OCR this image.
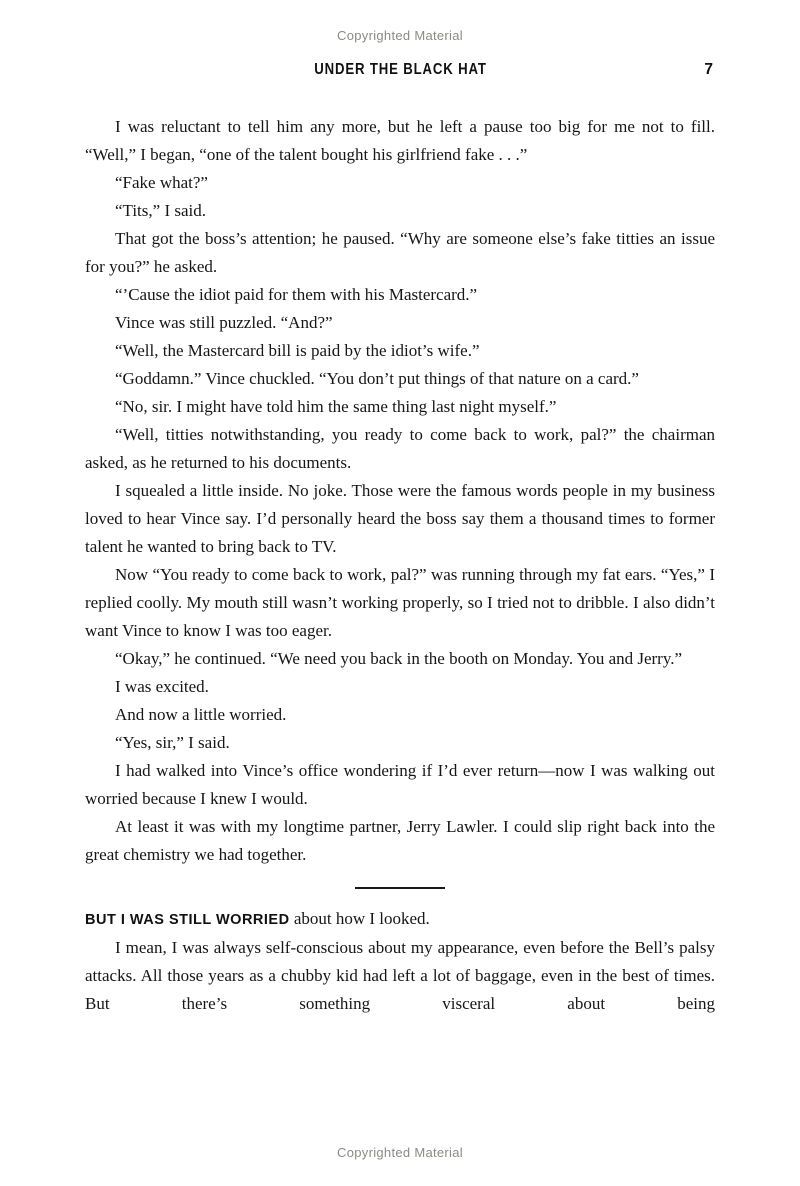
Copyrighted Material
UNDER THE BLACK HAT	7

I was reluctant to tell him any more, but he left a pause too big for me not to fill. “Well,” I began, “one of the talent bought his girlfriend fake . . .”

“Fake what?”

“Tits,” I said.

That got the boss’s attention; he paused. “Why are someone else’s fake titties an issue for you?” he asked.

“’Cause the idiot paid for them with his Mastercard.”

Vince was still puzzled. “And?”

“Well, the Mastercard bill is paid by the idiot’s wife.”

“Goddamn.” Vince chuckled. “You don’t put things of that nature on a card.”

“No, sir. I might have told him the same thing last night myself.”

“Well, titties notwithstanding, you ready to come back to work, pal?” the chairman asked, as he returned to his documents.

I squealed a little inside. No joke. Those were the famous words people in my business loved to hear Vince say. I’d personally heard the boss say them a thousand times to former talent he wanted to bring back to TV.

Now “You ready to come back to work, pal?” was running through my fat ears. “Yes,” I replied coolly. My mouth still wasn’t working properly, so I tried not to dribble. I also didn’t want Vince to know I was too eager.

“Okay,” he continued. “We need you back in the booth on Monday. You and Jerry.”

I was excited.

And now a little worried.

“Yes, sir,” I said.

I had walked into Vince’s office wondering if I’d ever return—now I was walking out worried because I knew I would.

At least it was with my longtime partner, Jerry Lawler. I could slip right back into the great chemistry we had together.

BUT I WAS STILL WORRIED about how I looked.

I mean, I was always self-conscious about my appearance, even before the Bell’s palsy attacks. All those years as a chubby kid had left a lot of baggage, even in the best of times. But there’s something visceral about being

Copyrighted Material
